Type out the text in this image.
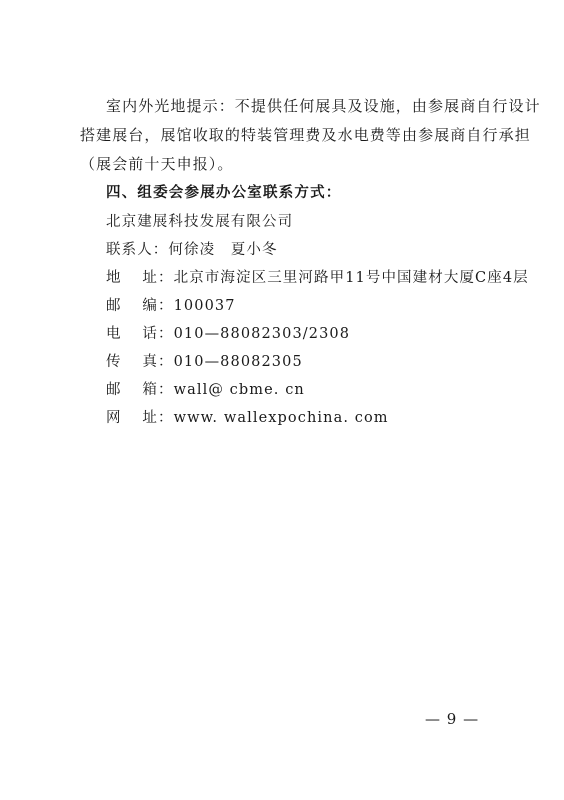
室内外光地提示：不提供任何展具及设施，由参展商自行设计
搭建展台，展馆收取的特装管理费及水电费等由参展商自行承担
（展会前十天申报）。
四、组委会参展办公室联系方式：
北京建展科技发展有限公司
联系人：何徐凌　夏小冬
地址：北京市海淀区三里河路甲11号中国建材大厦C座4层
邮编：100037
电话：010—88082303/2308
传真：010—88082305
邮箱：wall@ cbme. cn
网址：www. wallexpochina. com
— 9 —
